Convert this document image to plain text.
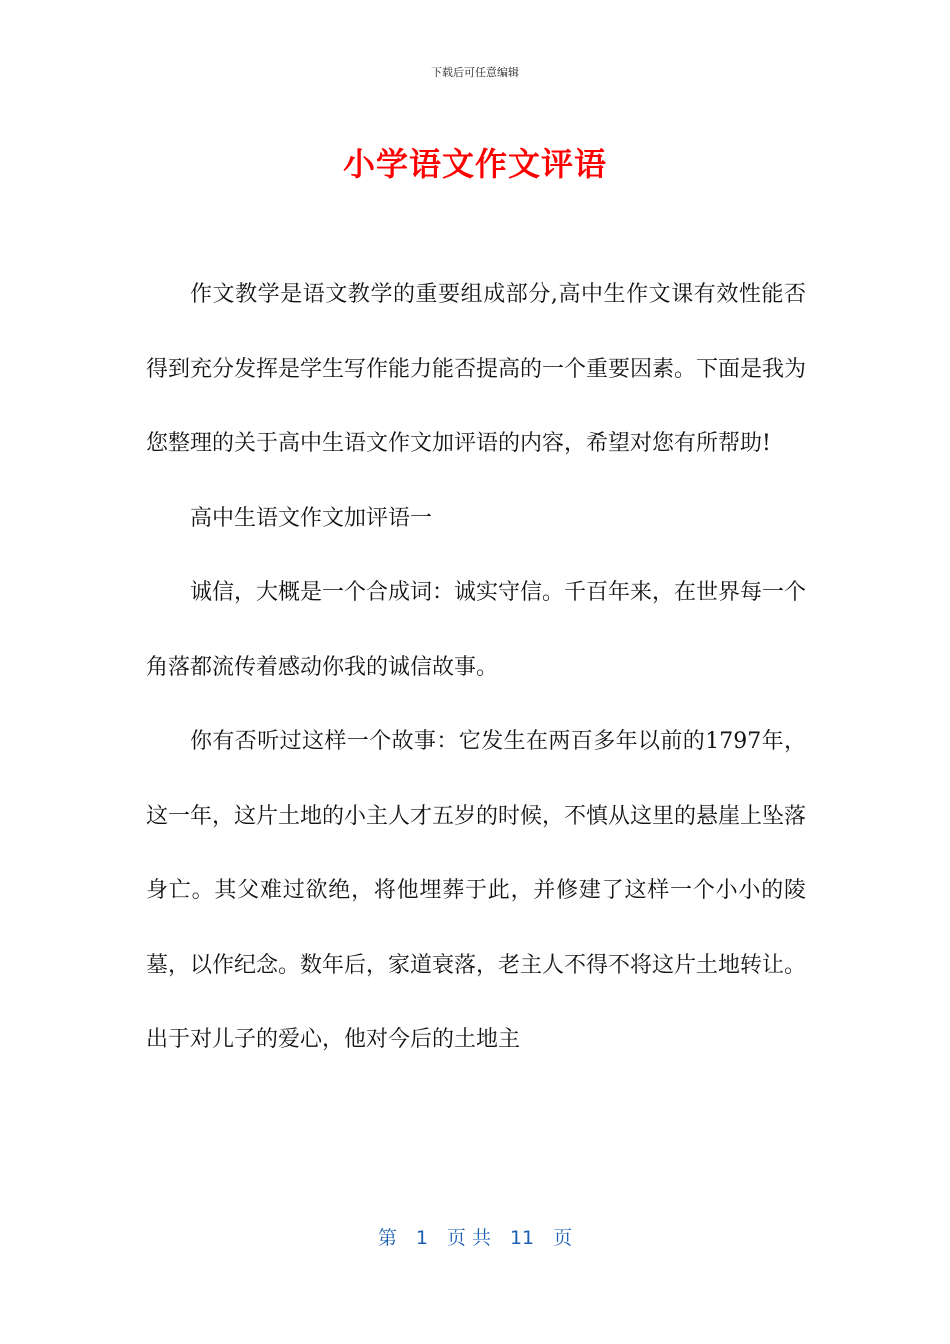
下载后可任意编辑
小学语文作文评语

作文教学是语文教学的重要组成部分,高中生作文课有效性能否得到充分发挥是学生写作能力能否提高的一个重要因素。下面是我为您整理的关于高中生语文作文加评语的内容，希望对您有所帮助!

高中生语文作文加评语一

诚信，大概是一个合成词：诚实守信。千百年来，在世界每一个角落都流传着感动你我的诚信故事。

你有否听过这样一个故事：它发生在两百多年以前的1797年，这一年，这片土地的小主人才五岁的时候，不慎从这里的悬崖上坠落身亡。其父难过欲绝，将他埋葬于此，并修建了这样一个小小的陵墓，以作纪念。数年后，家道衰落，老主人不得不将这片土地转让。出于对儿子的爱心，他对今后的土地主

第　1　页 共　11　页
